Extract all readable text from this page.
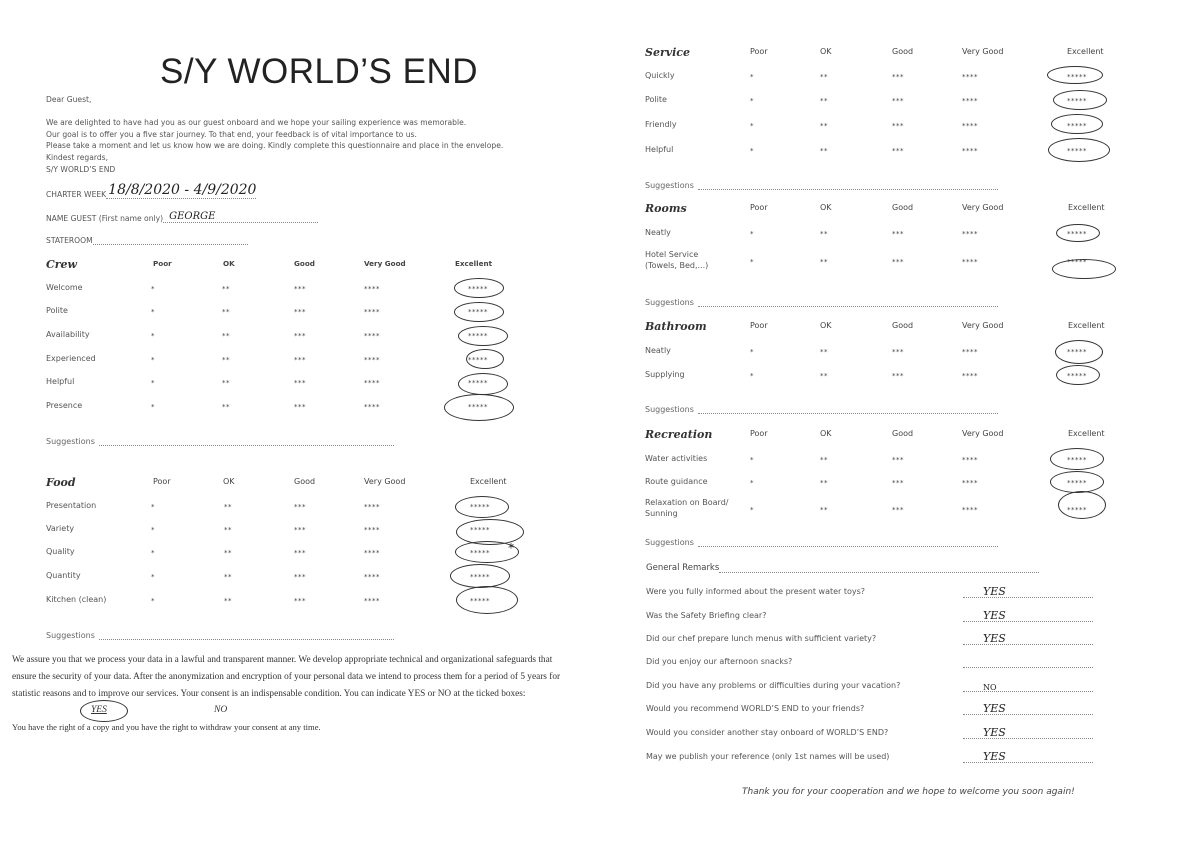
S/Y WORLD’S END
Dear Guest,
We are delighted to have had you as our guest onboard and we hope your sailing experience was memorable.
Our goal is to offer you a five star journey. To that end, your feedback is of vital importance to us.
Please take a moment and let us know how we are doing. Kindly complete this questionnaire and place in the envelope.
Kindest regards,
S/Y WORLD’S END
CHARTER WEEK 18/8/2020 - 4/9/2020
NAME GUEST (First name only) GEORGE
STATEROOM
Crew	Poor	OK	Good	Very Good	Excellent
Welcome	*	**	***	****	*****
Polite	*	**	***	****	*****
Availability	*	**	***	****	*****
Experienced	*	**	***	****	*****
Helpful	*	**	***	****	*****
Presence	*	**	***	****	*****
Suggestions
Food	Poor	OK	Good	Very Good	Excellent
Presentation	*	**	***	****	*****
Variety	*	**	***	****	*****
Quality	*	**	***	****	*****
Quantity	*	**	***	****	*****
Kitchen (clean)	*	**	***	****	*****
Suggestions
Service	Poor	OK	Good	Very Good	Excellent
Quickly	*	**	***	****	*****
Polite	*	**	***	****	*****
Friendly	*	**	***	****	*****
Helpful	*	**	***	****	*****
Suggestions
Rooms	Poor	OK	Good	Very Good	Excellent
Neatly	*	**	***	****	*****
Hotel Service
(Towels, Bed,...)	*	**	***	****	*****
Suggestions
Bathroom	Poor	OK	Good	Very Good	Excellent
Neatly	*	**	***	****	*****
Supplying	*	**	***	****	*****
Suggestions
Recreation	Poor	OK	Good	Very Good	Excellent
Water activities	*	**	***	****	*****
Route guidance	*	**	***	****	*****
Relaxation on Board/
Sunning	*	**	***	****	*****
Suggestions
*
We assure you that we process your data in a lawful and transparent manner. We develop appropriate technical and organizational safeguards that
ensure the security of your data. After the anonymization and encryption of your personal data we intend to process them for a period of 5 years for
statistic reasons and to improve our services. Your consent is an indispensable condition. You can indicate YES or NO at the ticked boxes:
YES	NO
You have the right of a copy and you have the right to withdraw your consent at any time.
General Remarks
Were you fully informed about the present water toys?	YES
Was the Safety Briefing clear?	YES
Did our chef prepare lunch menus with sufficient variety?	YES
Did you enjoy our afternoon snacks?
Did you have any problems or difficulties during your vacation?	NO
Would you recommend WORLD’S END to your friends?	YES
Would you consider another stay onboard of WORLD’S END?	YES
May we publish your reference (only 1st names will be used)	YES
Thank you for your cooperation and we hope to welcome you soon again!
